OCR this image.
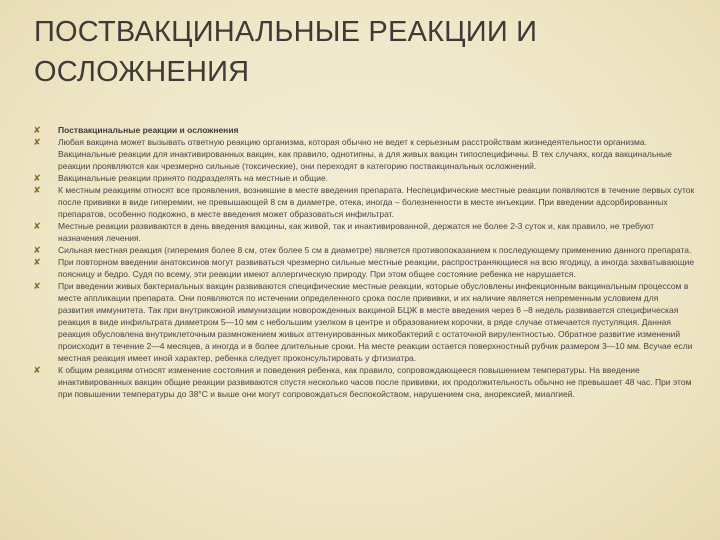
ПОСТВАКЦИНАЛЬНЫЕ РЕАКЦИИ И
ОСЛОЖНЕНИЯ
✘ Поствакцинальные реакции и осложнения
✘ Любая вакцина может вызывать ответную реакцию организма, которая обычно не ведет к серьезным расстройствам жизнедеятельности организма. Вакцинальные реакции для инактивированных вакцин, как правило, однотипны, а для живых вакцин типоспецифичны. В тех случаях, когда вакцинальные реакции проявляются как чрезмерно сильные (токсические), они переходят в категорию поствакцинальных осложнений.
✘ Вакцинальные реакции принято подразделять на местные и общие.
✘ К местным реакциям относят все проявления, возникшие в месте введения препарата. Неспецифические местные реакции появляются в течение первых суток после прививки в виде гиперемии, не превышающей 8 см в диаметре, отека, иногда – болезненности в месте инъекции. При введении адсорбированных препаратов, особенно подкожно, в месте введения может образоваться инфильтрат.
✘ Местные реакции развиваются в день введения вакцины, как живой, так и инактивированной, держатся не более 2-3 суток и, как правило, не требуют назначения лечения.
✘ Сильная местная реакция (гиперемия более 8 см, отек более 5 см в диаметре) является противопоказанием к последующему применению данного препарата.
✘ При повторном введении анатоксинов могут развиваться чрезмерно сильные местные реакции, распространяющиеся на всю ягодицу, а иногда захватывающие поясницу и бедро. Судя по всему, эти реакции имеют аллергическую природу. При этом общее состояние ребенка не нарушается.
✘ При введении живых бактериальных вакцин развиваются специфические местные реакции, которые обусловлены инфекционным вакцинальным процессом в месте аппликации препарата. Они появляются по истечении определенного срока после прививки, и их наличие является непременным условием для развития иммунитета. Так при внутрикожной иммунизации новорожденных вакциной БЦЖ в месте введения через 6 –8 недель развивается специфическая реакция в виде инфильтрата диаметром 5—10 мм с небольшим узелком в центре и образованием корочки, в ряде случае отмечается пустуляция. Данная реакция обусловлена внутриклеточным размножением живых аттенуированных микобактерий с остаточной вирулентностью. Обратное развитие изменений происходит в течение 2—4 месяцев, а иногда и в более длительные сроки. На месте реакции остается поверхностный рубчик размером 3—10 мм. Всучае если местная реакция имеет иной характер, ребенка следует проконсультировать у фтизиатра.
✘ К общим реакциям относят изменение состояния и поведения ребенка, как правило, сопровождающееся повышением температуры. На введение инактивированных вакцин общие реакции развиваются спустя несколько часов после прививки, их продолжительность обычно не превышает 48 час. При этом при повышении температуры до 38°С и выше они могут сопровождаться беспокойством, нарушением сна, анорексией, миалгией.
